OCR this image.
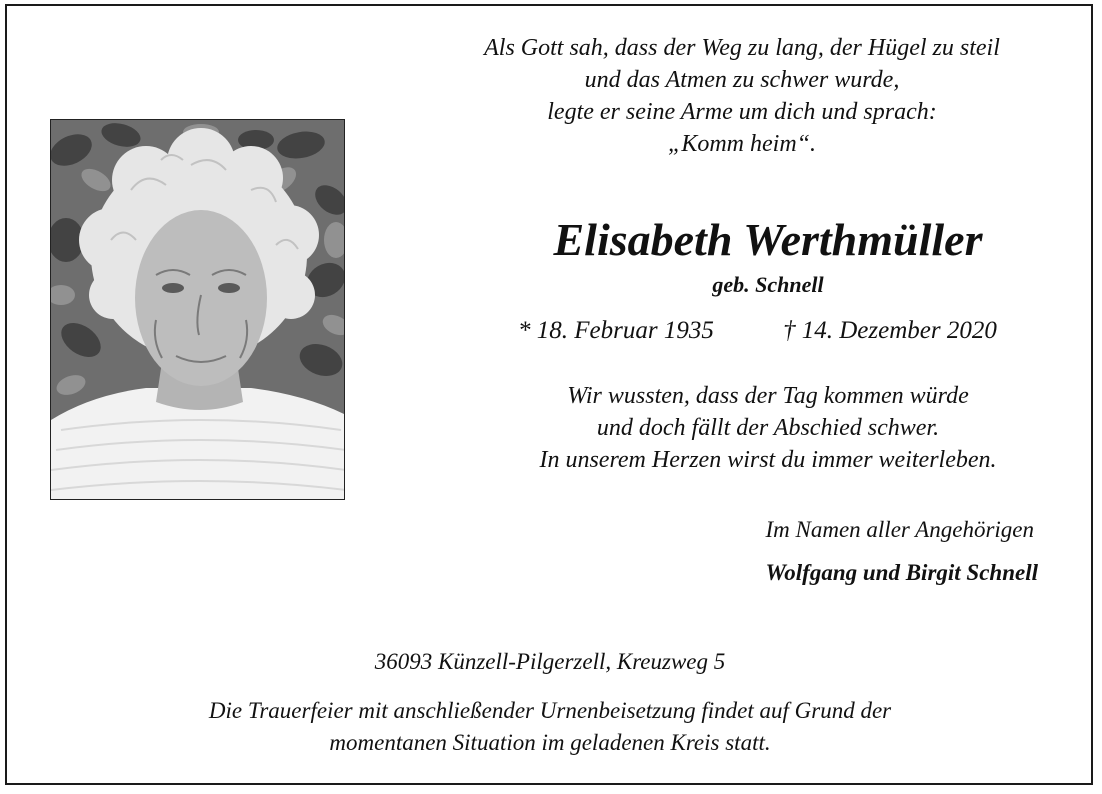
Als Gott sah, dass der Weg zu lang, der Hügel zu steil
und das Atmen zu schwer wurde,
legte er seine Arme um dich und sprach:
„Komm heim“.
Elisabeth Werthmüller
geb. Schnell
* 18. Februar 1935	† 14. Dezember 2020
Wir wussten, dass der Tag kommen würde
und doch fällt der Abschied schwer.
In unserem Herzen wirst du immer weiterleben.
Im Namen aller Angehörigen
Wolfgang und Birgit Schnell
36093 Künzell-Pilgerzell, Kreuzweg 5
Die Trauerfeier mit anschließender Urnenbeisetzung findet auf Grund der
momentanen Situation im geladenen Kreis statt.
